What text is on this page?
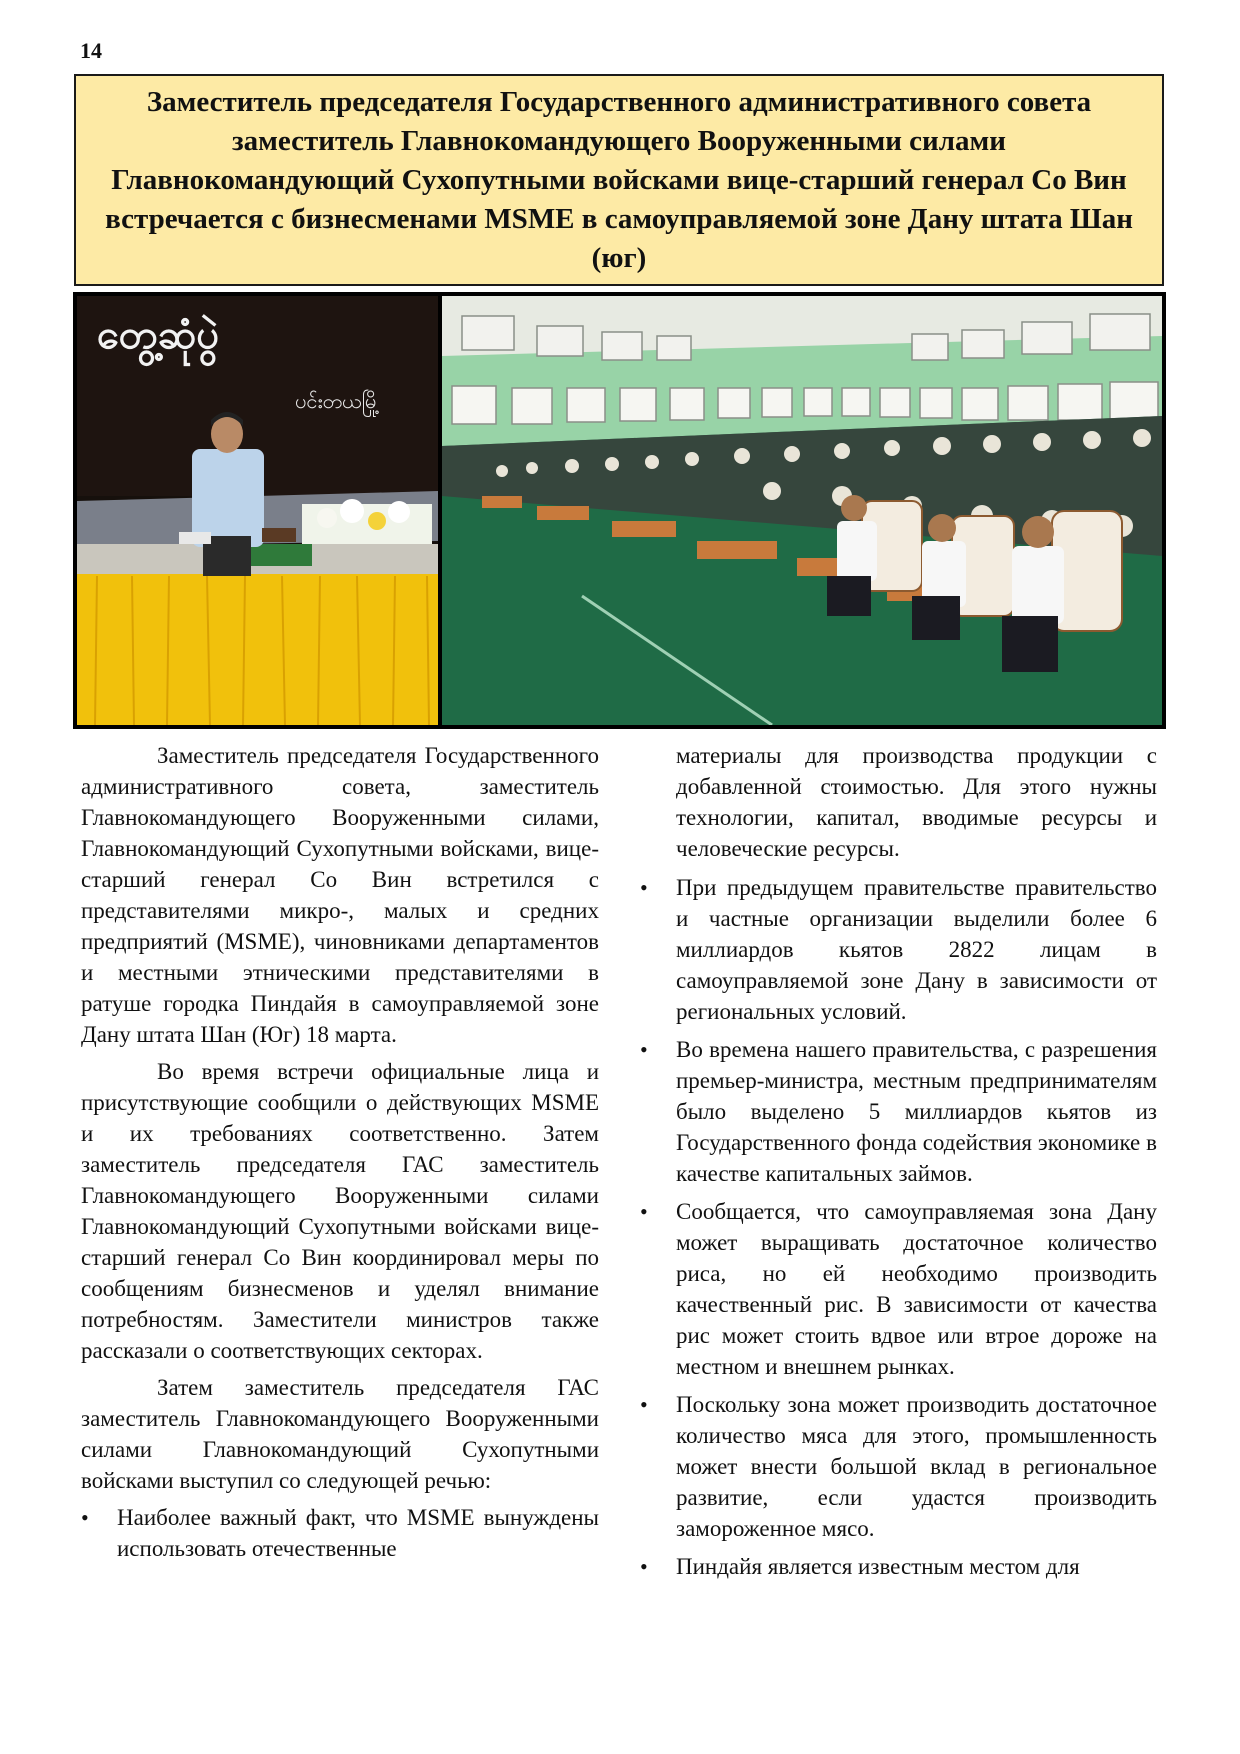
14
Заместитель председателя Государственного административного совета заместитель Главнокомандующего Вооруженными силами Главнокомандующий Сухопутными войсками вице-старший генерал Со Вин встречается с бизнесменами MSME в самоуправляемой зоне Дану штата Шан (юг)
တွေ့ဆုံပွဲ
ပင်းတယမြို့

Заместитель председателя Государственного административного совета, заместитель Главнокомандующего Вооруженными силами, Главнокомандующий Сухопутными войсками, вице-старший генерал Со Вин встретился с представителями микро-, малых и средних предприятий (MSME), чиновниками департаментов и местными этническими представителями в ратуше городка Пиндайя в самоуправляемой зоне Дану штата Шан (Юг) 18 марта.

Во время встречи официальные лица и присутствующие сообщили о действующих MSME и их требованиях соответственно. Затем заместитель председателя ГАС заместитель Главнокомандующего Вооруженными силами Главнокомандующий Сухопутными войсками вице-старший генерал Со Вин координировал меры по сообщениям бизнесменов и уделял внимание потребностям. Заместители министров также рассказали о соответствующих секторах.

Затем заместитель председателя ГАС заместитель Главнокомандующего Вооруженными силами Главнокомандующий Сухопутными войсками выступил со следующей речью:

• Наиболее важный факт, что MSME вынуждены использовать отечественные

материалы для производства продукции с добавленной стоимостью. Для этого нужны технологии, капитал, вводимые ресурсы и человеческие ресурсы.

• При предыдущем правительстве правительство и частные организации выделили более 6 миллиардов кьятов 2822 лицам в самоуправляемой зоне Дану в зависимости от региональных условий.
• Во времена нашего правительства, с разрешения премьер-министра, местным предпринимателям было выделено 5 миллиардов кьятов из Государственного фонда содействия экономике в качестве капитальных займов.
• Сообщается, что самоуправляемая зона Дану может выращивать достаточное количество риса, но ей необходимо производить качественный рис. В зависимости от качества рис может стоить вдвое или втрое дороже на местном и внешнем рынках.
• Поскольку зона может производить достаточное количество мяса для этого, промышленность может внести большой вклад в региональное развитие, если удастся производить замороженное мясо.
• Пиндайя является известным местом для
